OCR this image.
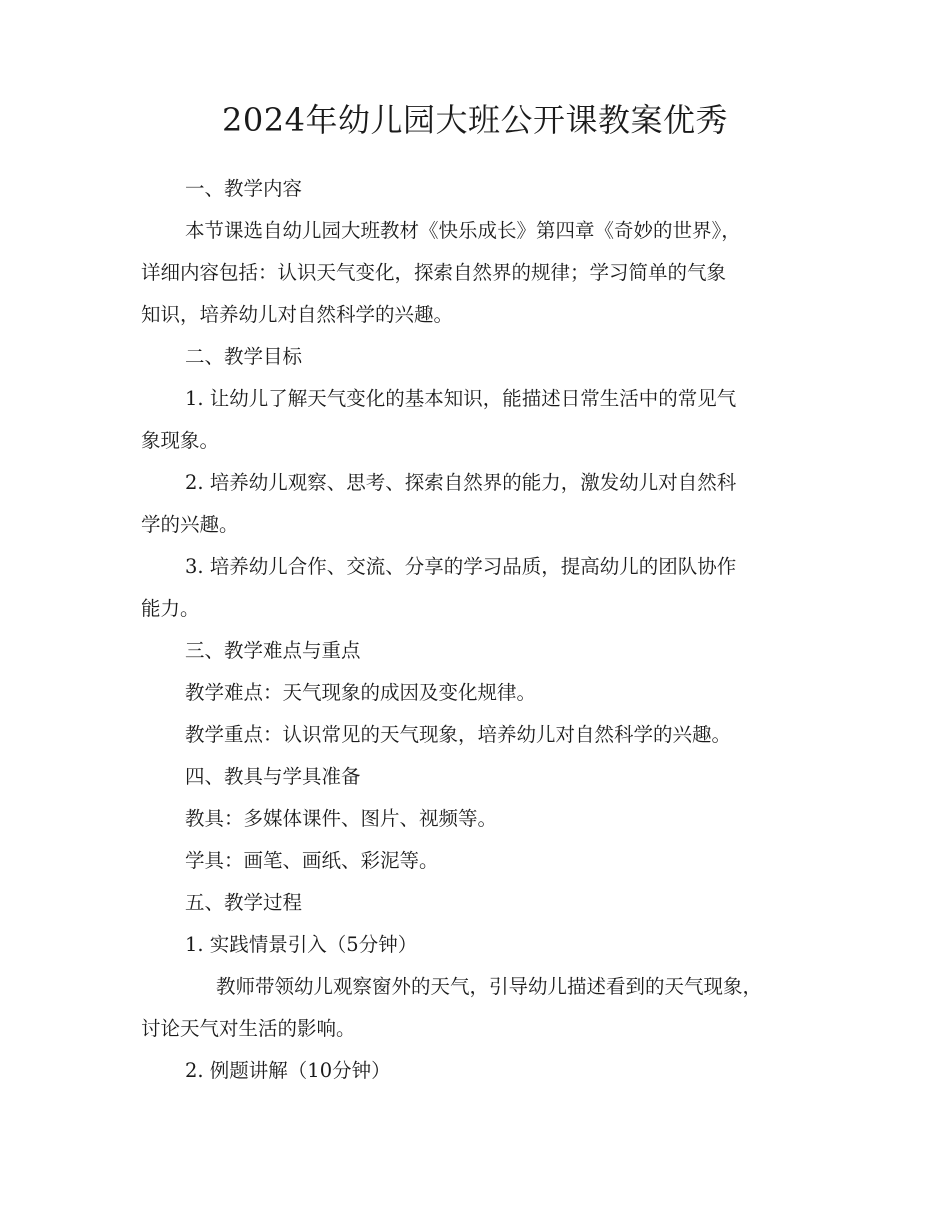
2024年幼儿园大班公开课教案优秀
一、教学内容
本节课选自幼儿园大班教材《快乐成长》第四章《奇妙的世界》，
详细内容包括：认识天气变化，探索自然界的规律；学习简单的气象
知识，培养幼儿对自然科学的兴趣。
二、教学目标
1. 让幼儿了解天气变化的基本知识，能描述日常生活中的常见气
象现象。
2. 培养幼儿观察、思考、探索自然界的能力，激发幼儿对自然科
学的兴趣。
3. 培养幼儿合作、交流、分享的学习品质，提高幼儿的团队协作
能力。
三、教学难点与重点
教学难点：天气现象的成因及变化规律。
教学重点：认识常见的天气现象，培养幼儿对自然科学的兴趣。
四、教具与学具准备
教具：多媒体课件、图片、视频等。
学具：画笔、画纸、彩泥等。
五、教学过程
1. 实践情景引入（5分钟）
教师带领幼儿观察窗外的天气，引导幼儿描述看到的天气现象，
讨论天气对生活的影响。
2. 例题讲解（10分钟）
